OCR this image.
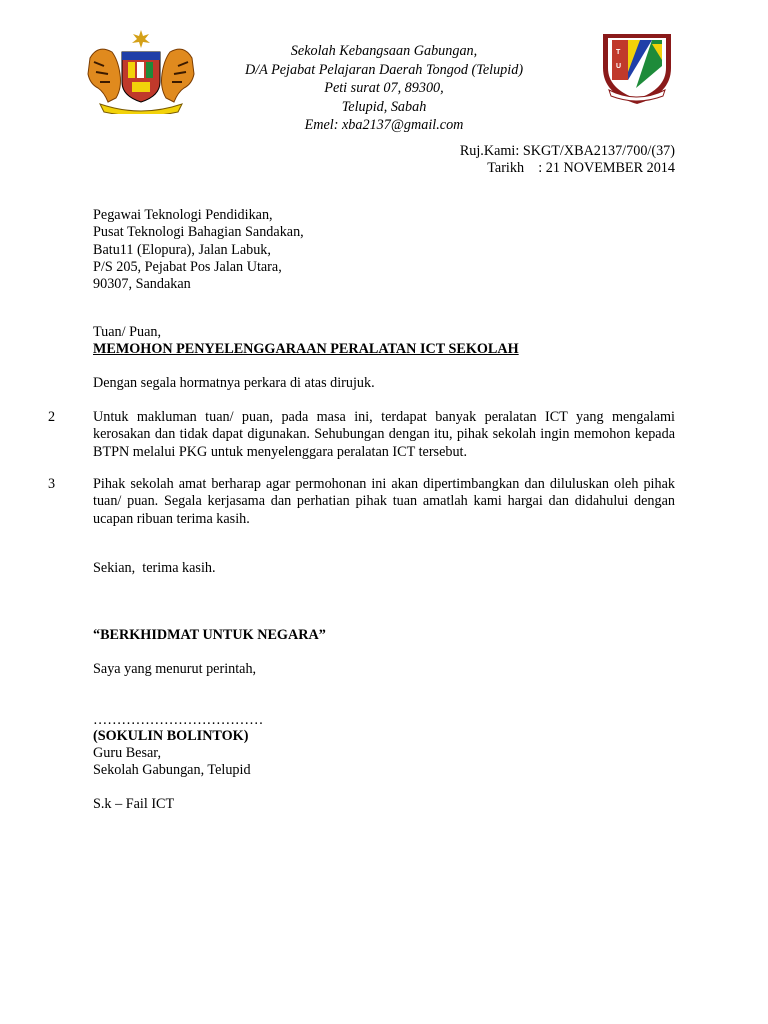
T
U
Sekolah Kebangsaan Gabungan,
D/A Pejabat Pelajaran Daerah Tongod (Telupid)
Peti surat 07, 89300,
Telupid, Sabah
Emel: xba2137@gmail.com
Ruj.Kami: SKGT/XBA2137/700/(37)
Tarikh    : 21 NOVEMBER 2014
Pegawai Teknologi Pendidikan,
Pusat Teknologi Bahagian Sandakan,
Batu11 (Elopura), Jalan Labuk,
P/S 205, Pejabat Pos Jalan Utara,
90307, Sandakan
Tuan/ Puan,
MEMOHON PENYELENGGARAAN PERALATAN ICT SEKOLAH
Dengan segala hormatnya perkara di atas dirujuk.
2	Untuk makluman tuan/ puan, pada masa ini, terdapat banyak peralatan ICT yang mengalami kerosakan dan tidak dapat digunakan. Sehubungan dengan itu, pihak sekolah ingin memohon kepada BTPN melalui PKG untuk menyelenggara peralatan ICT tersebut.
3	Pihak sekolah amat berharap agar permohonan ini akan dipertimbangkan dan diluluskan oleh pihak tuan/ puan. Segala kerjasama dan perhatian pihak tuan amatlah kami hargai dan didahului dengan ucapan ribuan terima kasih.
Sekian,  terima kasih.
“BERKHIDMAT UNTUK NEGARA”
Saya yang menurut perintah,
………………………………
(SOKULIN BOLINTOK)
Guru Besar,
Sekolah Gabungan, Telupid
S.k – Fail ICT
